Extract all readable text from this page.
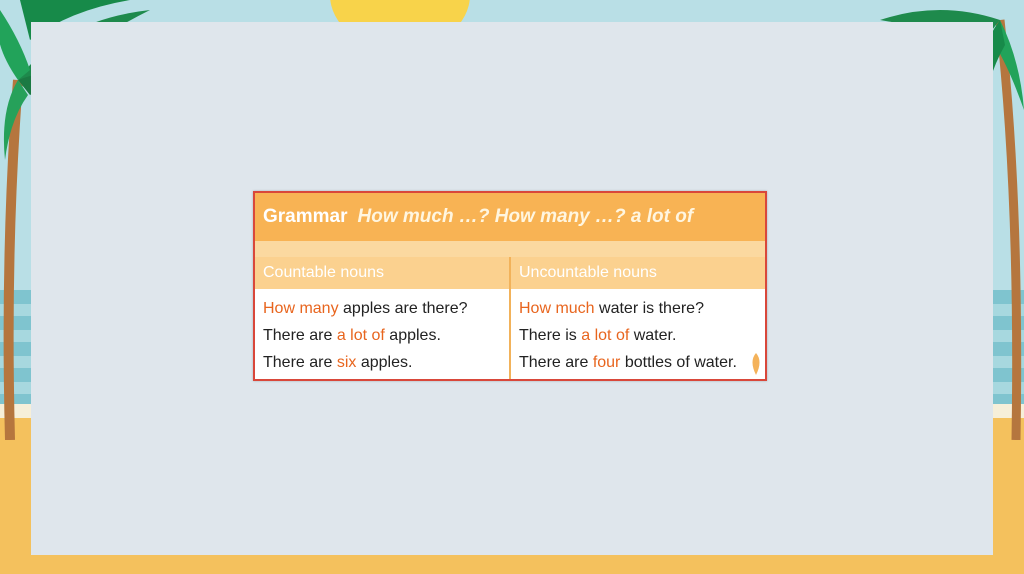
Grammar How much …? How many …? a lot of
Countable nouns
How many apples are there?
There are a lot of apples.
There are six apples.
Uncountable nouns
How much water is there?
There is a lot of water.
There are four bottles of water.
